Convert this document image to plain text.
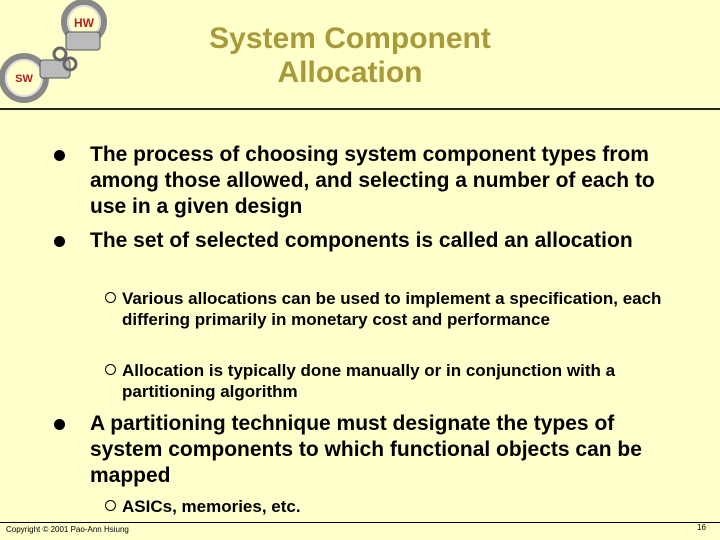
HW
SW
System Component
Allocation
The process of choosing system component types from among those allowed, and selecting a number of each to use in a given design
The set of selected components is called an allocation
Various allocations can be used to implement a specification, each differing primarily in monetary cost and performance
Allocation is typically done manually or in conjunction with a partitioning algorithm
A partitioning technique must designate the types of system components to which functional objects can be mapped
ASICs, memories, etc.
Copyright © 2001 Pao-Ann Hsiung	16
